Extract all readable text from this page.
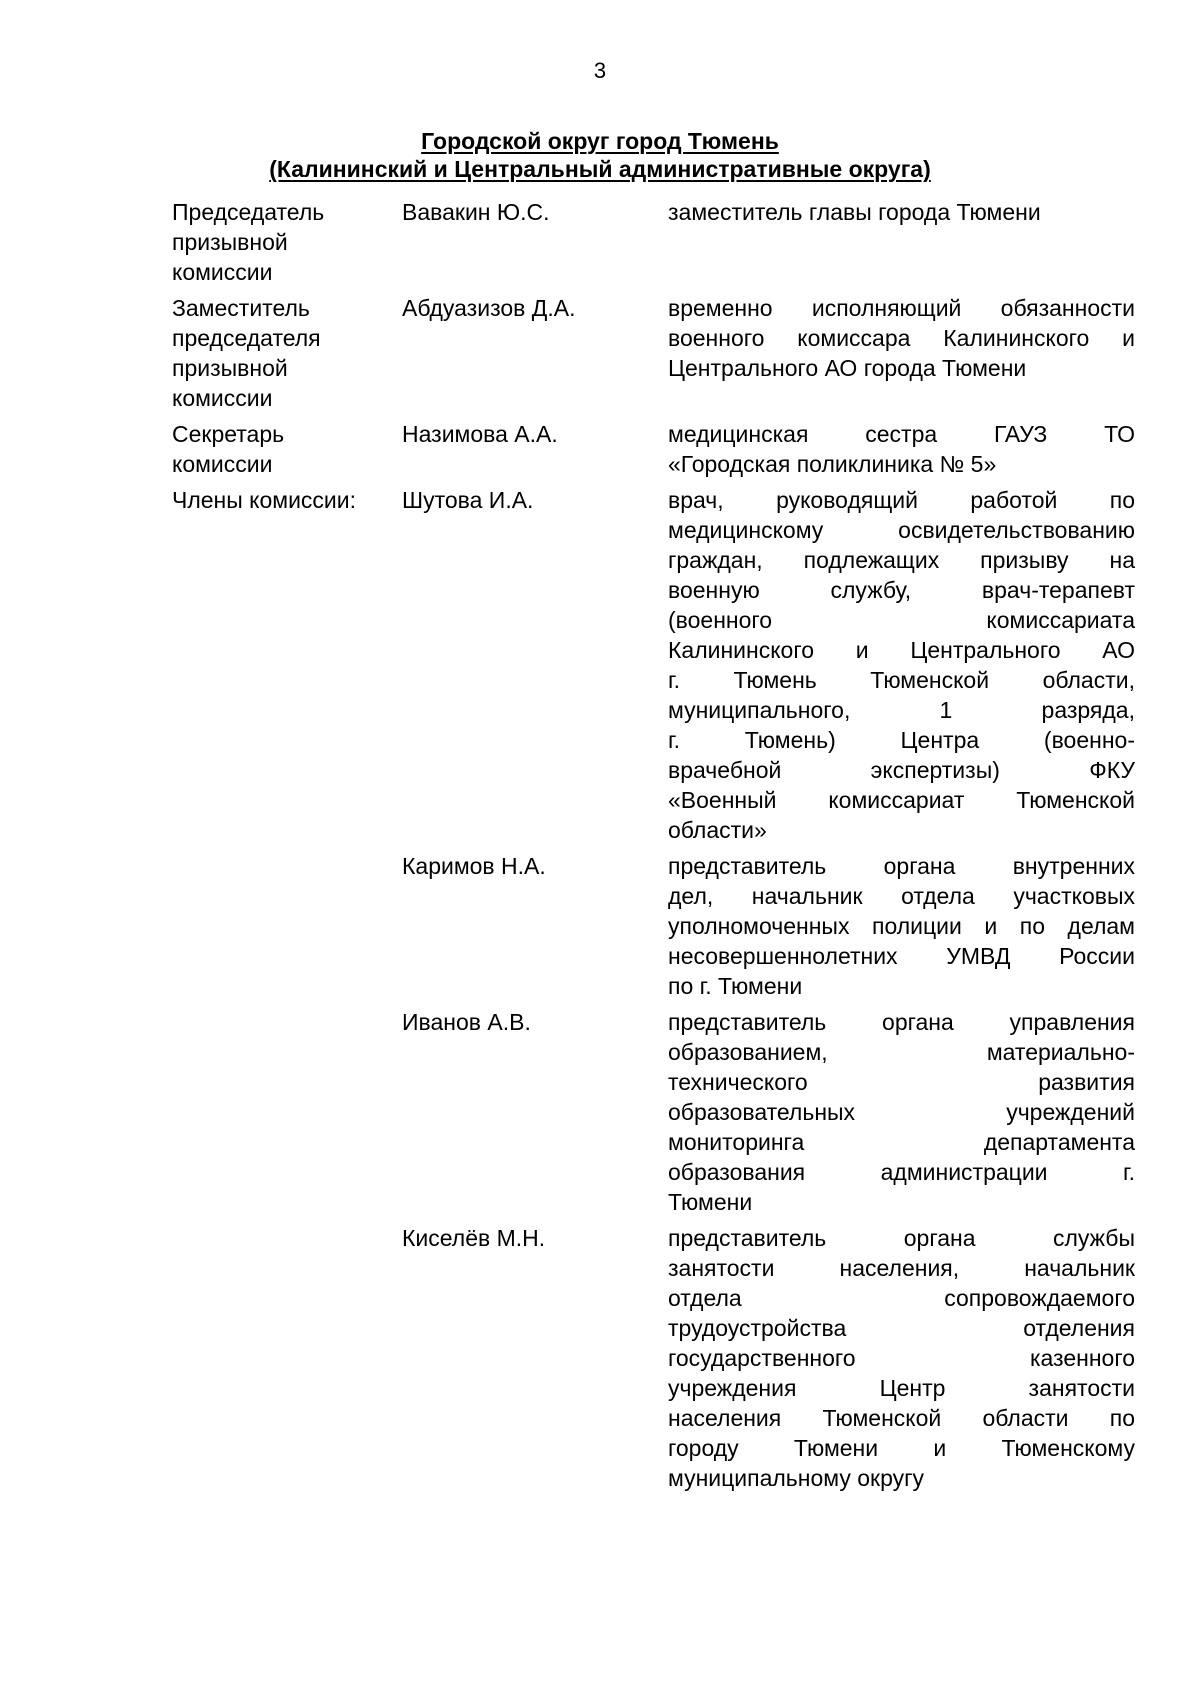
3
Городской округ город Тюмень
(Калининский и Центральный административные округа)
Председатель
призывной
комиссии
Вавакин Ю.С.	заместитель главы города Тюмени
Заместитель
председателя
призывной
комиссии
Абдуазизов Д.А.	временно исполняющий обязанности
военного комиссара Калининского и
Центрального АО города Тюмени
Секретарь
комиссии
Назимова А.А.	медицинская сестра ГАУЗ ТО
«Городская поликлиника № 5»
Члены комиссии:	Шутова И.А.	врач, руководящий работой по
медицинскому освидетельствованию
граждан, подлежащих призыву на
военную службу, врач-терапевт
(военного комиссариата
Калининского и Центрального АО
г. Тюмень Тюменской области,
муниципального, 1 разряда,
г. Тюмень) Центра (военно-
врачебной экспертизы) ФКУ
«Военный комиссариат Тюменской
области»
Каримов Н.А.	представитель органа внутренних
дел, начальник отдела участковых
уполномоченных полиции и по делам
несовершеннолетних УМВД России
по г. Тюмени
Иванов А.В.	представитель органа управления
образованием, материально-
технического развития
образовательных учреждений
мониторинга департамента
образования администрации г.
Тюмени
Киселёв М.Н.	представитель органа службы
занятости населения, начальник
отдела сопровождаемого
трудоустройства отделения
государственного казенного
учреждения Центр занятости
населения Тюменской области по
городу Тюмени и Тюменскому
муниципальному округу
